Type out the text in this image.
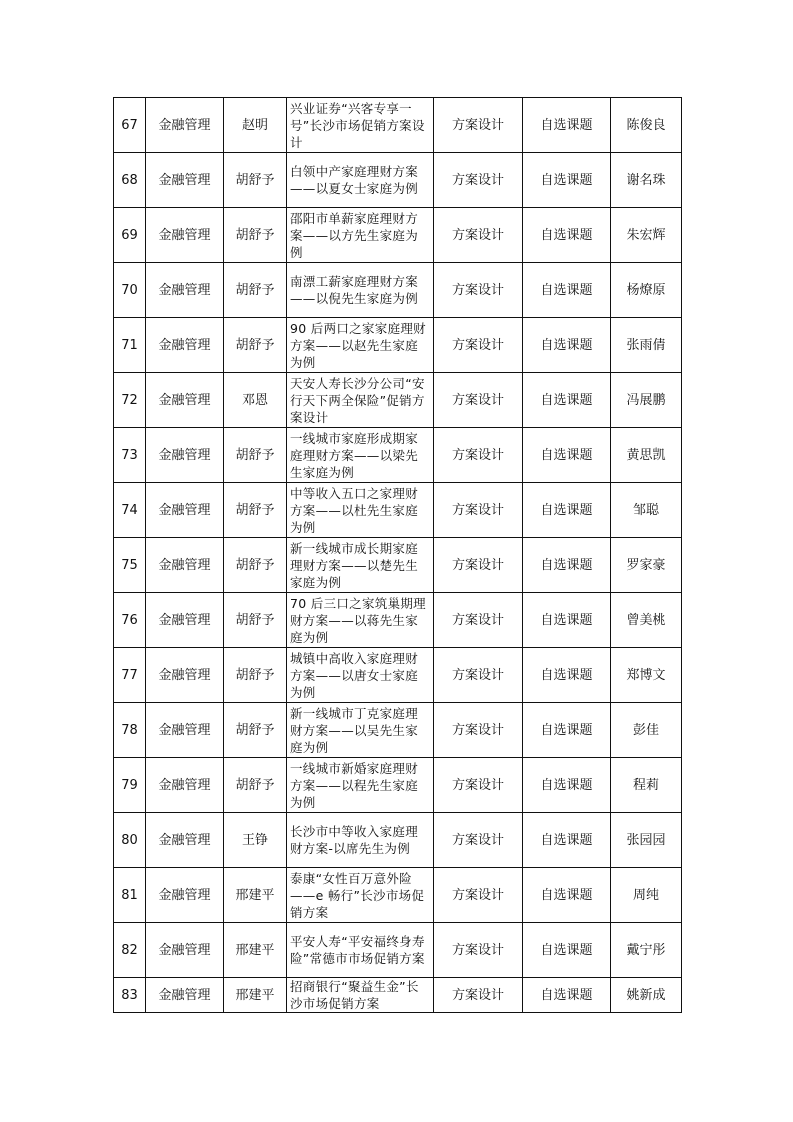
67	金融管理	赵明	兴业证券“兴客专享一号”长沙市场促销方案设计	方案设计	自选课题	陈俊良
68	金融管理	胡舒予	白领中产家庭理财方案——以夏女士家庭为例	方案设计	自选课题	谢名珠
69	金融管理	胡舒予	邵阳市单薪家庭理财方案——以方先生家庭为例	方案设计	自选课题	朱宏辉
70	金融管理	胡舒予	南漂工薪家庭理财方案——以倪先生家庭为例	方案设计	自选课题	杨燎原
71	金融管理	胡舒予	90 后两口之家家庭理财方案——以赵先生家庭为例	方案设计	自选课题	张雨倩
72	金融管理	邓恩	天安人寿长沙分公司“安行天下两全保险”促销方案设计	方案设计	自选课题	冯展鹏
73	金融管理	胡舒予	一线城市家庭形成期家庭理财方案——以梁先生家庭为例	方案设计	自选课题	黄思凯
74	金融管理	胡舒予	中等收入五口之家理财方案——以杜先生家庭为例	方案设计	自选课题	邹聪
75	金融管理	胡舒予	新一线城市成长期家庭理财方案——以楚先生家庭为例	方案设计	自选课题	罗家豪
76	金融管理	胡舒予	70 后三口之家筑巢期理财方案——以蒋先生家庭为例	方案设计	自选课题	曾美桃
77	金融管理	胡舒予	城镇中高收入家庭理财方案——以唐女士家庭为例	方案设计	自选课题	郑博文
78	金融管理	胡舒予	新一线城市丁克家庭理财方案——以吴先生家庭为例	方案设计	自选课题	彭佳
79	金融管理	胡舒予	一线城市新婚家庭理财方案——以程先生家庭为例	方案设计	自选课题	程莉
80	金融管理	王铮	长沙市中等收入家庭理财方案-以席先生为例	方案设计	自选课题	张园园
81	金融管理	邢建平	泰康“女性百万意外险——e 畅行”长沙市场促销方案	方案设计	自选课题	周纯
82	金融管理	邢建平	平安人寿“平安福终身寿险”常德市市场促销方案	方案设计	自选课题	戴宁彤
83	金融管理	邢建平	招商银行“聚益生金”长沙市场促销方案	方案设计	自选课题	姚新成
